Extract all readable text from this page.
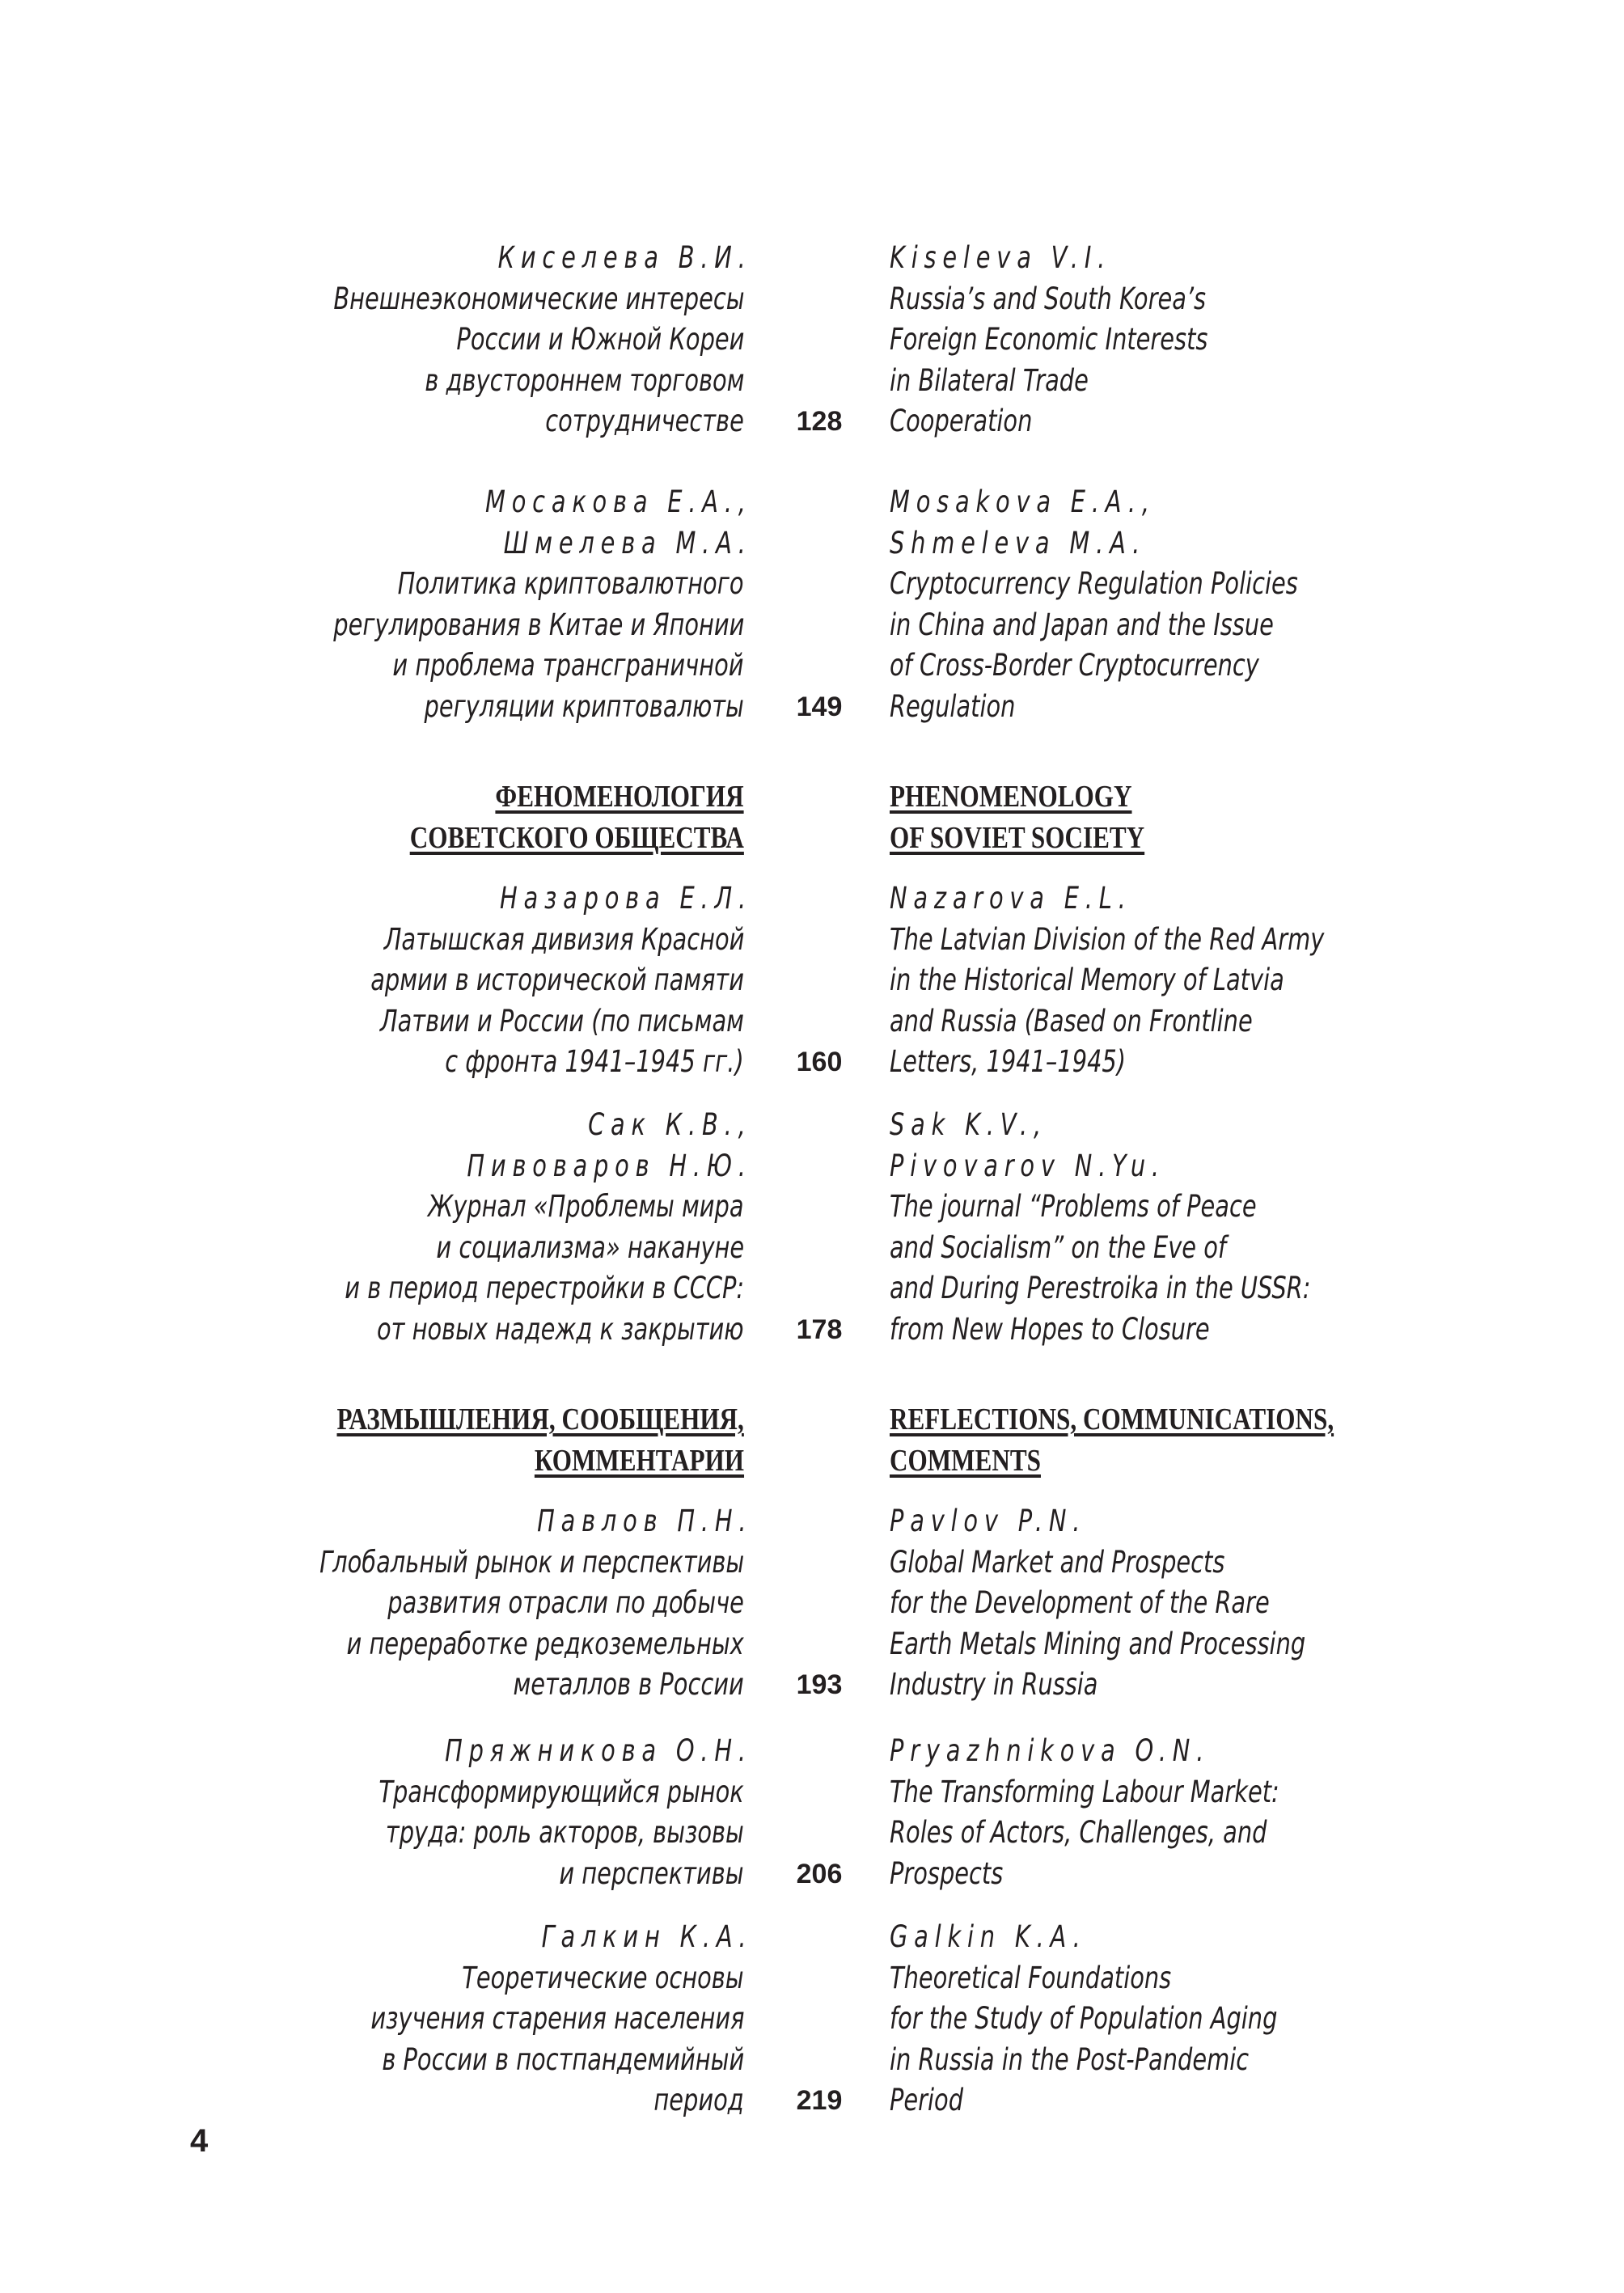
Киселева В.И.	Kiseleva V.I.
Внешнеэкономические интересы	Russia’s and South Korea’s
России и Южной Кореи	Foreign Economic Interests
в двустороннем торговом	in Bilateral Trade
сотрудничестве	128	Cooperation
Мосакова Е.А.,	Mosakova E.A.,
Шмелева М.А.	Shmeleva M.A.
Политика криптовалютного	Cryptocurrency Regulation Policies
регулирования в Китае и Японии	in China and Japan and the Issue
и проблема трансграничной	of Cross-Border Cryptocurrency
регуляции криптовалюты	149	Regulation
ФЕНОМЕНОЛОГИЯ	PHENOMENOLOGY
СОВЕТСКОГО ОБЩЕСТВА	OF SOVIET SOCIETY
Назарова Е.Л.	Nazarova E.L.
Латышская дивизия Красной	The Latvian Division of the Red Army
армии в исторической памяти	in the Historical Memory of Latvia
Латвии и России (по письмам	and Russia (Based on Frontline
с фронта 1941–1945 гг.)	160	Letters, 1941–1945)
Сак К.В.,	Sak K.V.,
Пивоваров Н.Ю.	Pivovarov N.Yu.
Журнал «Проблемы мира	The journal “Problems of Peace
и социализма» накануне	and Socialism” on the Eve of
и в период перестройки в СССР:	and During Perestroika in the USSR:
от новых надежд к закрытию	178	from New Hopes to Closure
РАЗМЫШЛЕНИЯ, СООБЩЕНИЯ,	REFLECTIONS, COMMUNICATIONS,
КОММЕНТАРИИ	COMMENTS
Павлов П.Н.	Pavlov P.N.
Глобальный рынок и перспективы	Global Market and Prospects
развития отрасли по добыче	for the Development of the Rare
и переработке редкоземельных	Earth Metals Mining and Processing
металлов в России	193	Industry in Russia
Пряжникова О.Н.	Pryazhnikova O.N.
Трансформирующийся рынок	The Transforming Labour Market:
труда: роль акторов, вызовы	Roles of Actors, Challenges, and
и перспективы	206	Prospects
Галкин К.А.	Galkin K.A.
Теоретические основы	Theoretical Foundations
изучения старения населения	for the Study of Population Aging
в России в постпандемийный	in Russia in the Post-Pandemic
период	219	Period
4
